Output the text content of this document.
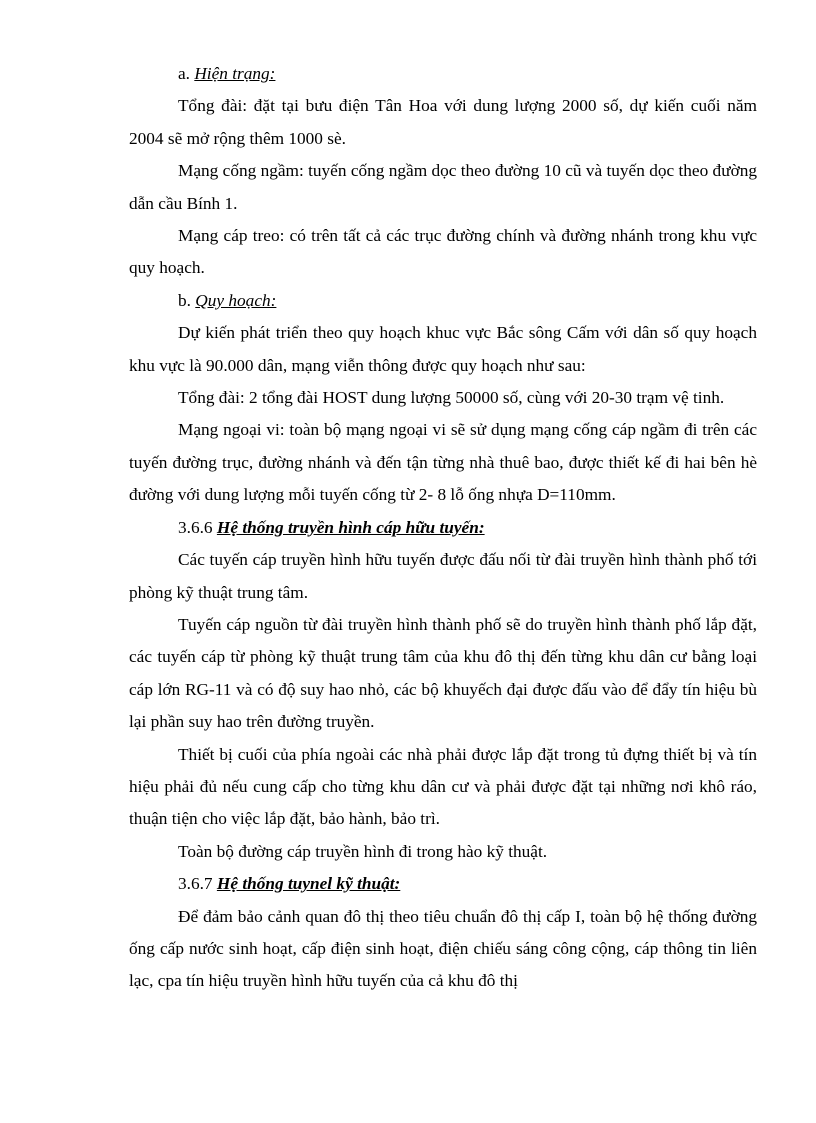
a. Hiện trạng:

Tổng đài: đặt tại bưu điện Tân Hoa với dung lượng 2000 số, dự kiến cuối năm 2004 sẽ mở rộng thêm 1000 sè.

Mạng cống ngầm: tuyến cống ngầm dọc theo đường 10 cũ và tuyến dọc theo đường dẫn cầu Bính 1.

Mạng cáp treo: có trên tất cả các trục đường chính và đường nhánh trong khu vực quy hoạch.

b. Quy hoạch:

Dự kiến phát triển theo quy hoạch khuc vực Bắc sông Cấm với dân số quy hoạch khu vực là 90.000 dân, mạng viễn thông được quy hoạch như sau:

Tổng đài: 2 tổng đài HOST dung lượng 50000 số, cùng với 20-30 trạm vệ tinh.

Mạng ngoại vi: toàn bộ mạng ngoại vi sẽ sử dụng mạng cống cáp ngầm đi trên các tuyến đường trục, đường nhánh và đến tận từng nhà thuê bao, được thiết kế đi hai bên hè đường với dung lượng mỗi tuyến cống từ 2- 8 lỗ ống nhựa D=110mm.

3.6.6 Hệ thống truyền hình cáp hữu tuyến:

Các tuyến cáp truyền hình hữu tuyến được đấu nối từ đài truyền hình thành phố tới phòng kỹ thuật trung tâm.

Tuyến cáp nguồn từ đài truyền hình thành phố sẽ do truyền hình thành phố lắp đặt, các tuyến cáp từ phòng kỹ thuật trung tâm của khu đô thị đến từng khu dân cư bằng loại cáp lớn RG-11 và có độ suy hao nhỏ, các bộ khuyếch đại được đấu vào để đẩy tín hiệu bù lại phần suy hao trên đường truyền.

Thiết bị cuối của phía ngoài các nhà phải được lắp đặt trong tủ đựng thiết bị và tín hiệu phải đủ nếu cung cấp cho từng khu dân cư và phải được đặt tại những nơi khô ráo, thuận tiện cho việc lắp đặt, bảo hành, bảo trì.

Toàn bộ đường cáp truyền hình đi trong hào kỹ thuật.

3.6.7 Hệ thống tuynel kỹ thuật:

Để đảm bảo cảnh quan đô thị theo tiêu chuẩn đô thị cấp I, toàn bộ hệ thống đường ống cấp nước sinh hoạt, cấp điện sinh hoạt, điện chiếu sáng công cộng, cáp thông tin liên lạc, cpa tín hiệu truyền hình hữu tuyến của cả khu đô thị
